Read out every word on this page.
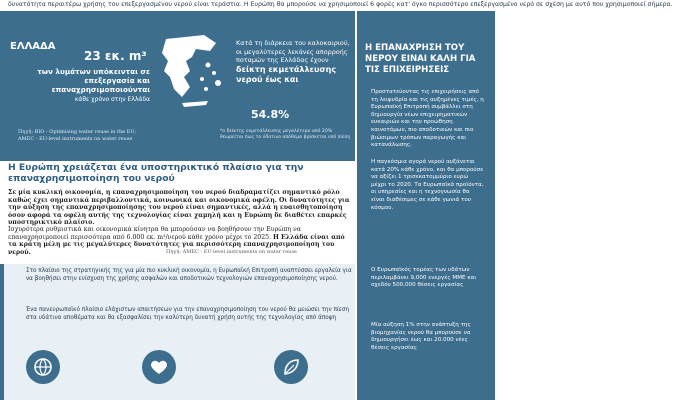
δυνατότητα περαιτέρω χρήσης του επεξεργασμένου νερού είναι τεράστια. Η Ευρώπη θα μπορούσε να χρησιμοποιεί 6 φορές κατ' όγκο περισσότερο επεξεργασμένο νερό σε σχέση με αυτό που χρησιμοποιεί σήμερα.
ΕΛΛΑΔΑ
23 εκ. m³
των λυμάτων υπόκεινται σε επεξεργασία και επαναχρησιμοποιούνται
κάθε χρόνο στην Ελλάδα
Κατά τη διάρκεια του καλοκαιριού, οι μεγαλύτερες λεκάνες απορροής ποταμών της Ελλάδας έχουν δείκτη εκμετάλλευσης νερού έως και
54.8%
*ο δείκτης εκμετάλλευσης μεγαλύτερο από 20% θεωρείται πως το ύδατινο απόθεμα βρίσκεται υπό πίεση
Πηγή: BIO - Optimising water reuse in the EU;
AMEC - EU-level instruments on water reuse
Η ΕΠΑΝΑΧΡΗΣΗ ΤΟΥ ΝΕΡΟΥ ΕΙΝΑΙ ΚΑΛΗ ΓΙΑ ΤΙΣ ΕΠΙΧΕΙΡΗΣΕΙΣ
Προστατεύοντας τις επιχειρήσεις από τη λειψυδρία και τις αυξημένες τιμές, η Ευρωπαϊκή Επιτροπή συμβάλλει στη δημιουργία νέων επιχειρηματικών ευκαιριών και την προώθηση καινοτόμων, πιο αποδοτικών και πιο βιώσιμων τρόπων παραγωγής και κατανάλωσης.
Η παγκόσμια αγορά νερού αυξάνεται κατά 20% κάθε χρόνο, και θα μπορούσε να αξίζει 1 τρισεκατομμύριο ευρώ μέχρι το 2020. Τα Ευρωπαϊκά προϊόντα, οι υπηρεσίες και η τεχνογνωσία θα είναι διαθέσιμες σε κάθε γωνιά του κόσμου.
Ο Ευρωπαϊκός τομέας των υδάτων περιλαμβάνει 9,000 ενεργές ΜΜΕ και σχεδόν 500,000 θέσεις εργασίας
Μία αύξηση 1% στην ανάπτυξη της βιομηχανίας νερού θα μπορούσε να δημιουργήσει έως και 20.000 νέες θέσεις εργασίας
Η Ευρώπη χρειάζεται ένα υποστηρικτικό πλαίσιο για την επαναχρησιμοποίηση του νερού
Σε μία κυκλική οικονομία, η επαναχρησιμοποίηση του νερού διαδραματίζει σημαντικό ρόλο καθώς έχει σημαντικά περιβαλλοντικά, κοινωνικά και οικονομικά οφέλη. Οι δυνατότητες για την αύξηση της επαναχρησιμοποίησης του νερού είναι σημαντικές, αλλά η ευαισθητοποίηση όσον αφορά τα οφέλη αυτής της τεχνολογίας είναι χαμηλή και η Ευρώπη δε διαθέτει επαρκές υποστηρικτικό πλαίσιο.
Ισχυρότερα ρυθμιστικά και οικονομικά κίνητρα θα μπορούσαν να βοηθήσουν την Ευρώπη να επαναχρησιμοποιεί περισσότερα από 6.000 εκ. m³/νερού κάθε χρόνο μέχρι το 2025. Η Ελλάδα είναι από τα κράτη μέλη με τις μεγαλύτερες δυνατότητες για περισσότερη επαναχρησιμοποίηση του νερού.	Πηγή: AMEC - EU-level instruments on water reuse
Στο πλαίσιο της στρατηγικής της για μία πιο κυκλική οικονομία, η Ευρωπαϊκή Επιτροπή αναπτύσσει εργαλεία για να βοηθήσει στην ενίσχυση της χρήσης ασφαλών και αποδοτικών τεχνολογιών επαναχρησιμοποίησης νερού.
Ένα πανευρωπαϊκό πλαίσιο ελάχιστων απαιτήσεων για την επαναχρησιμοποίηση του νερού θα μειώσει την πίεση στα υδάτινα αποθέματα και θα εξασφαλίσει την καλύτερη δυνατή χρήση αυτής της τεχνολογίας από άποψη
